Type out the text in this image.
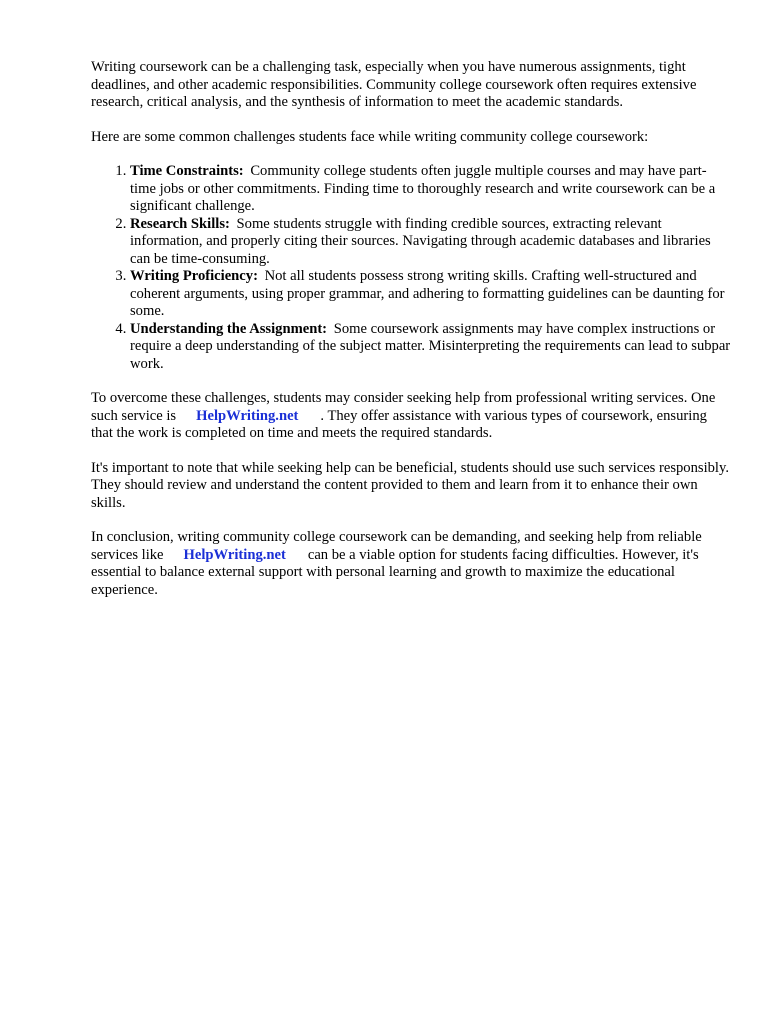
Writing coursework can be a challenging task, especially when you have numerous assignments, tight deadlines, and other academic responsibilities. Community college coursework often requires extensive research, critical analysis, and the synthesis of information to meet the academic standards.

Here are some common challenges students face while writing community college coursework:

1. Time Constraints: Community college students often juggle multiple courses and may have part-time jobs or other commitments. Finding time to thoroughly research and write coursework can be a significant challenge.
2. Research Skills: Some students struggle with finding credible sources, extracting relevant information, and properly citing their sources. Navigating through academic databases and libraries can be time-consuming.
3. Writing Proficiency: Not all students possess strong writing skills. Crafting well-structured and coherent arguments, using proper grammar, and adhering to formatting guidelines can be daunting for some.
4. Understanding the Assignment: Some coursework assignments may have complex instructions or require a deep understanding of the subject matter. Misinterpreting the requirements can lead to subpar work.

To overcome these challenges, students may consider seeking help from professional writing services. One such service is HelpWriting.net . They offer assistance with various types of coursework, ensuring that the work is completed on time and meets the required standards.

It's important to note that while seeking help can be beneficial, students should use such services responsibly. They should review and understand the content provided to them and learn from it to enhance their own skills.

In conclusion, writing community college coursework can be demanding, and seeking help from reliable services like HelpWriting.net can be a viable option for students facing difficulties. However, it's essential to balance external support with personal learning and growth to maximize the educational experience.
